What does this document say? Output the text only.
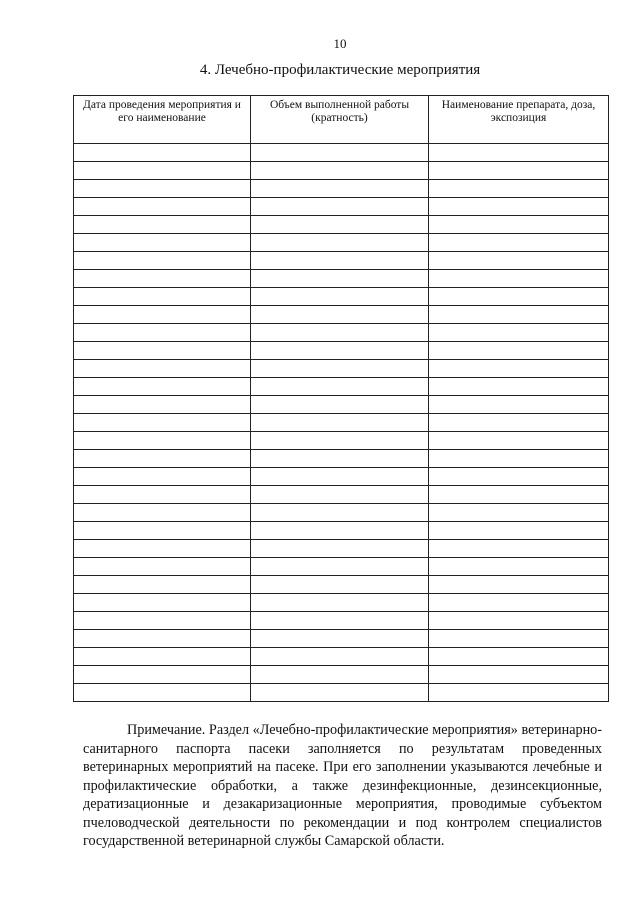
10
4. Лечебно-профилактические мероприятия
Дата проведения мероприятия и его наименование	Объем выполненной работы (кратность)	Наименование препарата, доза, экспозиция

Примечание. Раздел «Лечебно-профилактические мероприятия» ветеринарно-санитарного паспорта пасеки заполняется по результатам проведенных ветеринарных мероприятий на пасеке. При его заполнении указываются лечебные и профилактические обработки, а также дезинфекционные, дезинсекционные, дератизационные и дезакаризационные мероприятия, проводимые субъектом пчеловодческой деятельности по рекомендации и под контролем специалистов государственной ветеринарной службы Самарской области.
